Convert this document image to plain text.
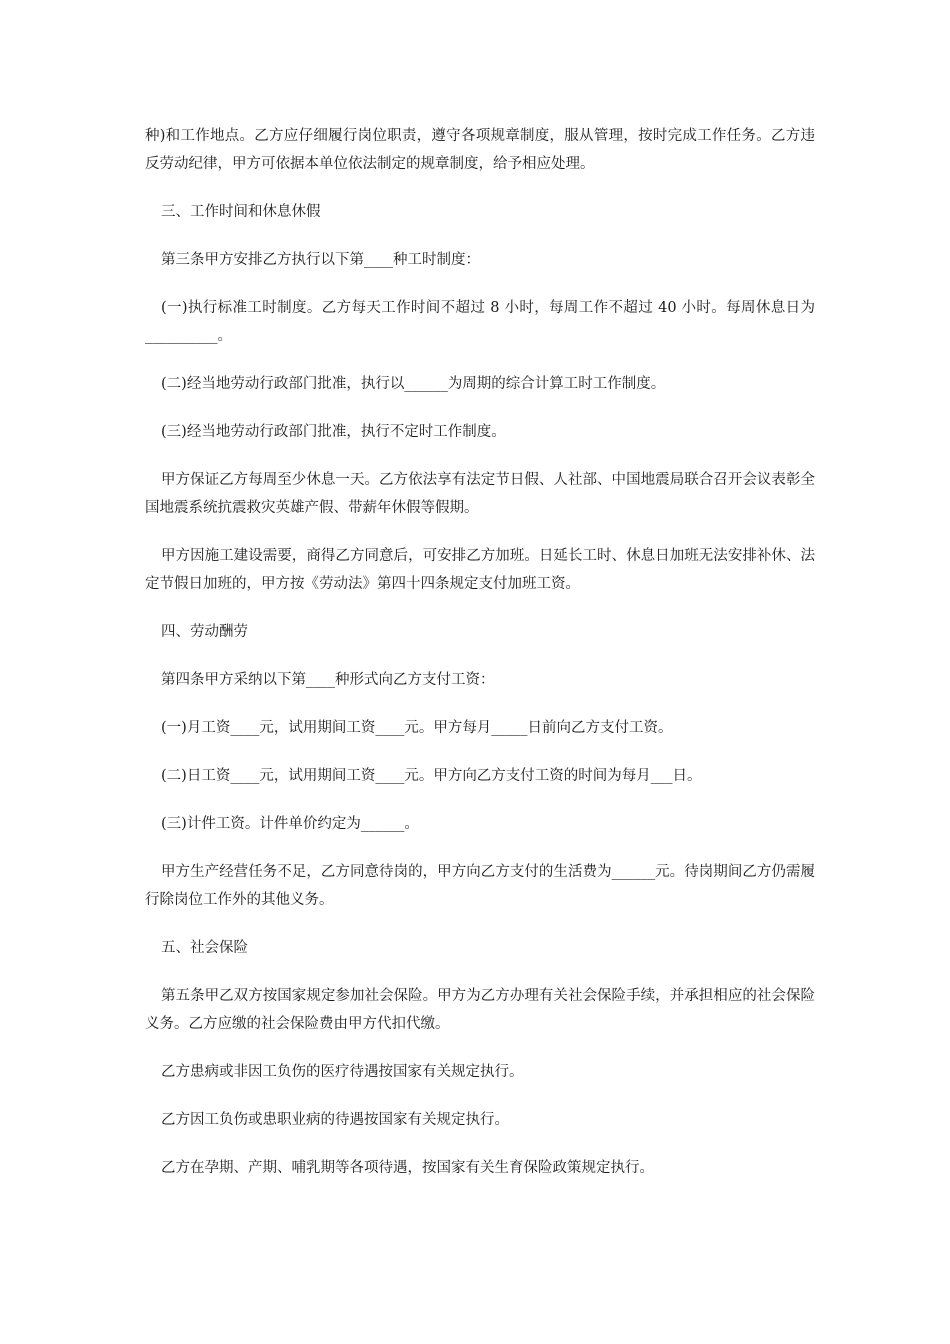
种)和工作地点。乙方应仔细履行岗位职责，遵守各项规章制度，服从管理，按时完成工作任务。乙方违反劳动纪律，甲方可依据本单位依法制定的规章制度，给予相应处理。

三、工作时间和休息休假

第三条甲方安排乙方执行以下第____种工时制度：

(一)执行标准工时制度。乙方每天工作时间不超过 8 小时，每周工作不超过 40 小时。每周休息日为__________。

(二)经当地劳动行政部门批准，执行以______为周期的综合计算工时工作制度。

(三)经当地劳动行政部门批准，执行不定时工作制度。

甲方保证乙方每周至少休息一天。乙方依法享有法定节日假、人社部、中国地震局联合召开会议表彰全国地震系统抗震救灾英雄产假、带薪年休假等假期。

甲方因施工建设需要，商得乙方同意后，可安排乙方加班。日延长工时、休息日加班无法安排补休、法定节假日加班的，甲方按《劳动法》第四十四条规定支付加班工资。

四、劳动酬劳

第四条甲方采纳以下第____种形式向乙方支付工资：

(一)月工资____元，试用期间工资____元。甲方每月_____日前向乙方支付工资。

(二)日工资____元，试用期间工资____元。甲方向乙方支付工资的时间为每月___日。

(三)计件工资。计件单价约定为______。

甲方生产经营任务不足，乙方同意待岗的，甲方向乙方支付的生活费为______元。待岗期间乙方仍需履行除岗位工作外的其他义务。

五、社会保险

第五条甲乙双方按国家规定参加社会保险。甲方为乙方办理有关社会保险手续，并承担相应的社会保险义务。乙方应缴的社会保险费由甲方代扣代缴。

乙方患病或非因工负伤的医疗待遇按国家有关规定执行。

乙方因工负伤或患职业病的待遇按国家有关规定执行。

乙方在孕期、产期、哺乳期等各项待遇，按国家有关生育保险政策规定执行。
